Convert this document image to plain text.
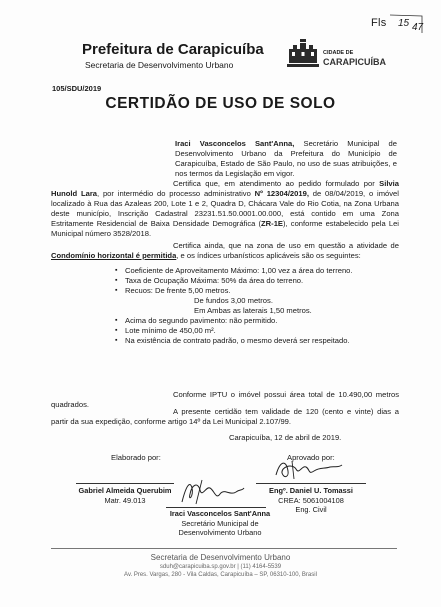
Fls 15 47
Prefeitura de Carapicuíba
Secretaria de Desenvolvimento Urbano
CIDADE DE
CARAPICUÍBA
105/SDU/2019
CERTIDÃO DE USO DE SOLO
Iraci Vasconcelos Sant'Anna, Secretário Municipal de Desenvolvimento Urbano da Prefeitura do Município de Carapicuíba, Estado de São Paulo, no uso de suas atribuições, e nos termos da Legislação em vigor.
Certifica que, em atendimento ao pedido formulado por Silvia Hunold Lara, por intermédio do processo administrativo Nº 12304/2019, de 08/04/2019, o imóvel localizado à Rua das Azaleas 200, Lote 1 e 2, Quadra D, Chácara Vale do Rio Cotia, na Zona Urbana deste município, Inscrição Cadastral 23231.51.50.0001.00.000, está contido em uma Zona Estritamente Residencial de Baixa Densidade Demográfica (ZR-1E), conforme estabelecido pela Lei Municipal número 3528/2018.
Certifica ainda, que na zona de uso em questão a atividade de Condomínio horizontal é permitida, e os índices urbanísticos aplicáveis são os seguintes:
▪ Coeficiente de Aproveitamento Máximo: 1,00 vez a área do terreno.
▪ Taxa de Ocupação Máxima: 50% da área do terreno.
▪ Recuos: De frente 5,00 metros.
De fundos 3,00 metros.
Em Ambas as laterais 1,50 metros.
▪ Acima do segundo pavimento: não permitido.
▪ Lote mínimo de 450,00 m².
▪ Na existência de contrato padrão, o mesmo deverá ser respeitado.
Conforme IPTU o imóvel possui área total de 10.490,00 metros quadrados.
A presente certidão tem validade de 120 (cento e vinte) dias a partir da sua expedição, conforme artigo 14º da Lei Municipal 2.107/99.
Carapicuíba, 12 de abril de 2019.
Elaborado por:	Aprovado por:
Gabriel Almeida Querubim
Matr. 49.013
Engº. Daniel U. Tomassi
CREA: 5061004108
Eng. Civil
Iraci Vasconcelos Sant'Anna
Secretário Municipal de
Desenvolvimento Urbano
Secretaria de Desenvolvimento Urbano
sduh@carapicuiba.sp.gov.br | (11) 4164-5539
Av. Pres. Vargas, 280 - Vila Caldas, Carapicuíba – SP, 06310-100, Brasil
